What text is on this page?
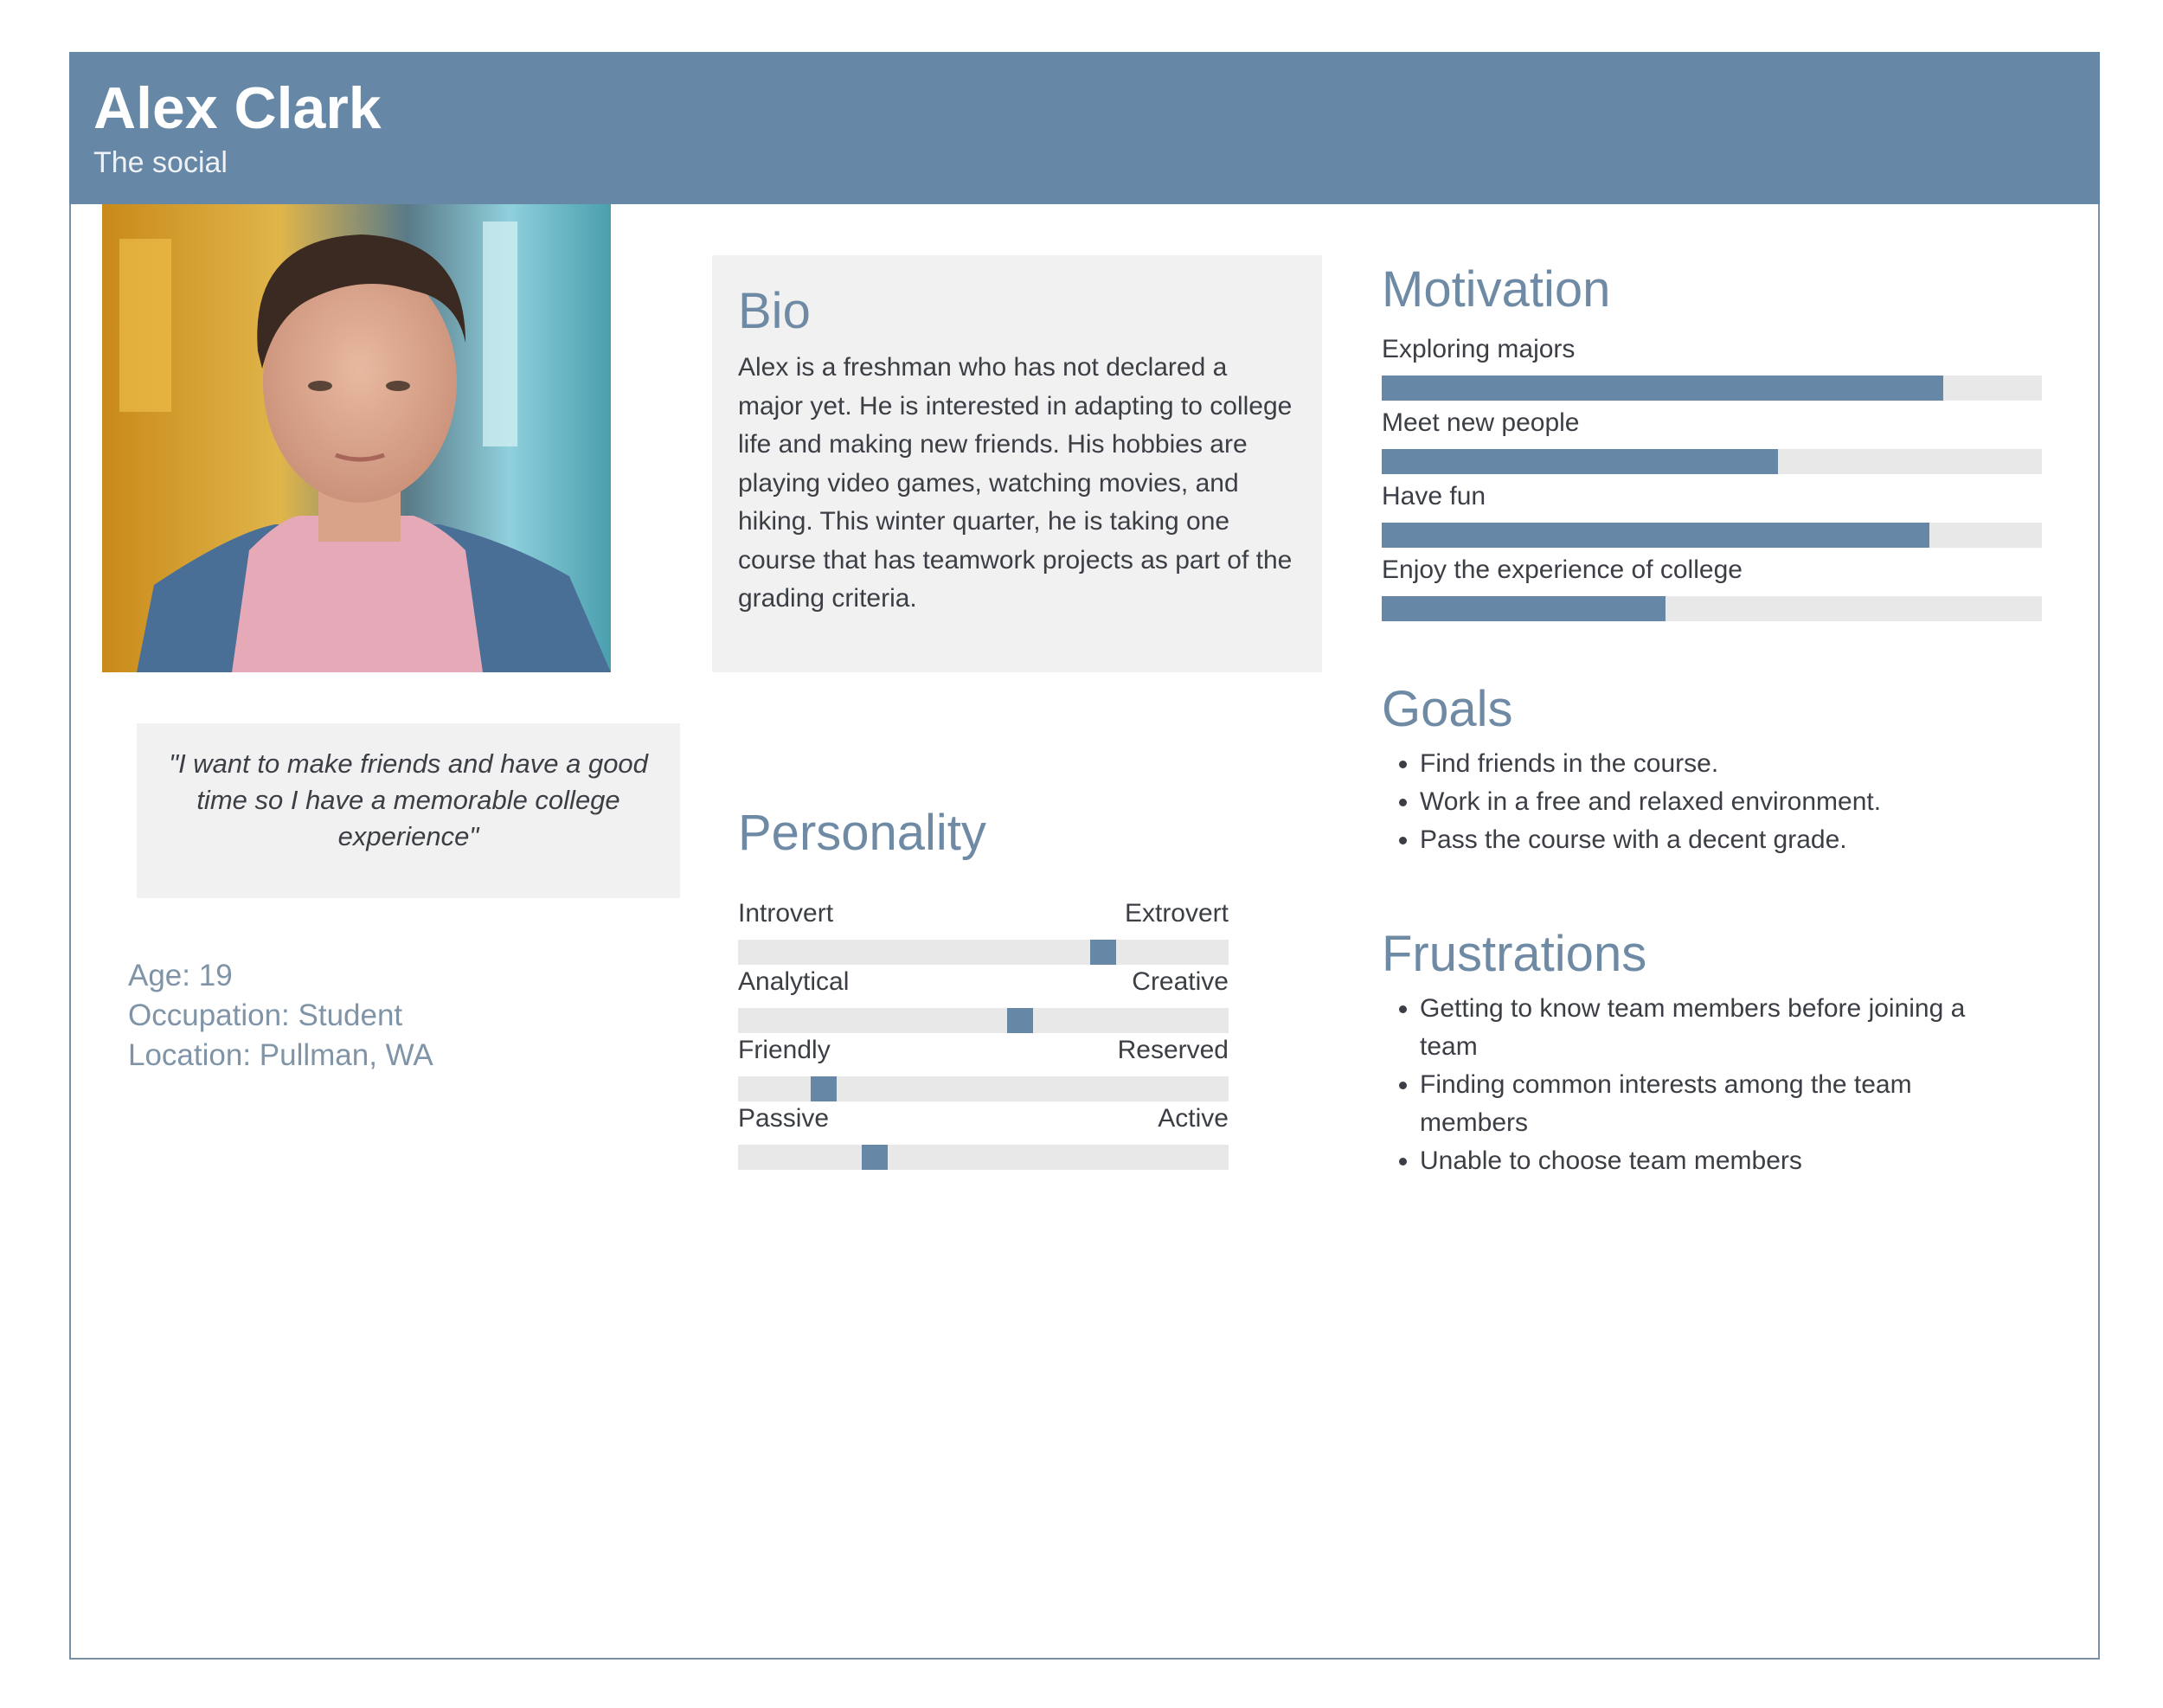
Alex Clark
The social
"I want to make friends and have a good time so I have a memorable college experience"
Age: 19
Occupation: Student
Location: Pullman, WA
Bio
Alex is a freshman who has not declared a major yet. He is interested in adapting to college life and making new friends. His hobbies are playing video games, watching movies, and hiking. This winter quarter, he is taking one course that has teamwork projects as part of the grading criteria.
Personality
Introvert	Extrovert
Analytical	Creative
Friendly	Reserved
Passive	Active
Motivation
Exploring majors
Meet new people
Have fun
Enjoy the experience of college
Goals
• Find friends in the course.
• Work in a free and relaxed environment.
• Pass the course with a decent grade.
Frustrations
• Getting to know team members before joining a team
• Finding common interests among the team members
• Unable to choose team members
